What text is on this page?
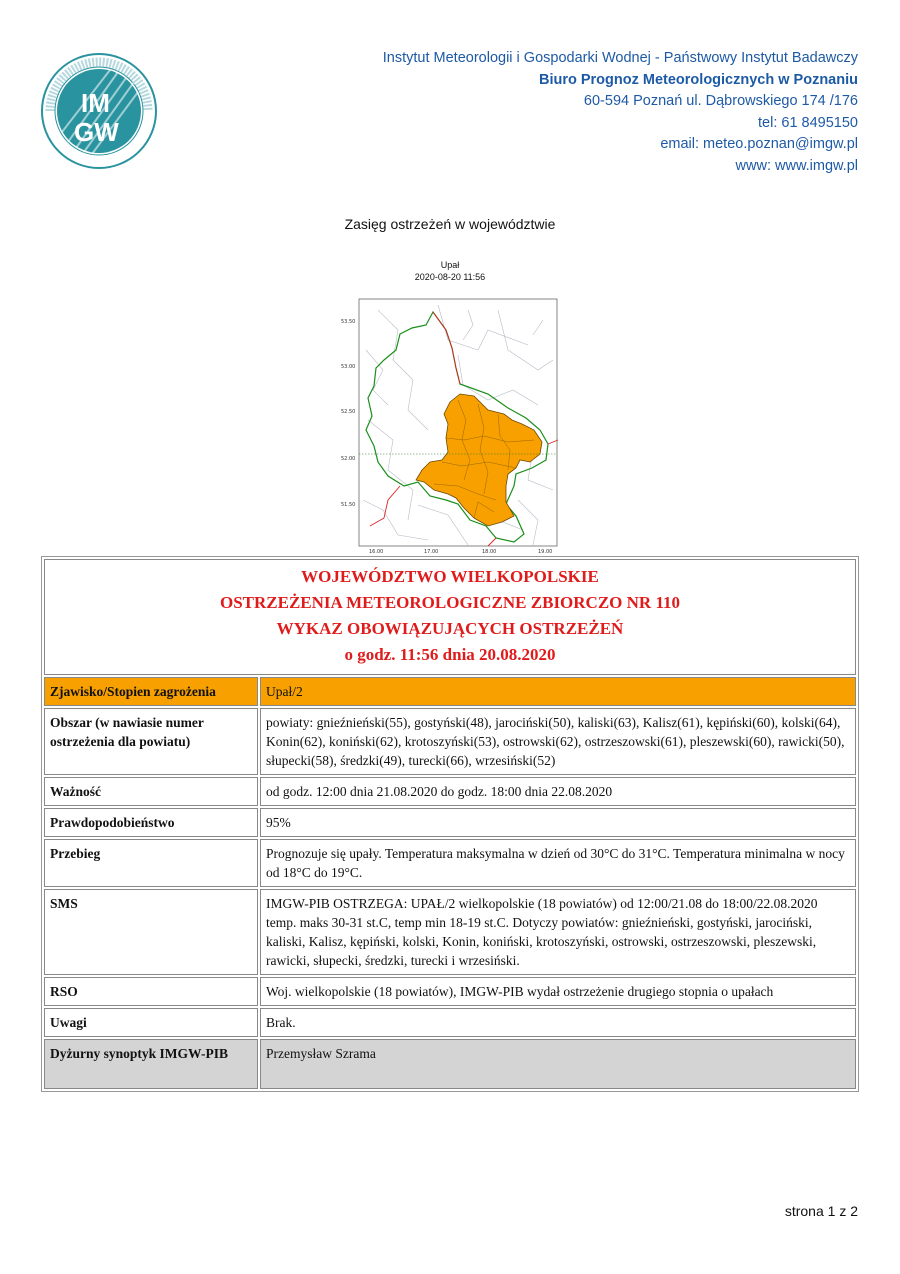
IM
GW
Instytut Meteorologii i Gospodarki Wodnej - Państwowy Instytut Badawczy
Biuro Prognoz Meteorologicznych w Poznaniu
60-594 Poznań ul. Dąbrowskiego 174 /176
tel: 61 8495150
email: meteo.poznan@imgw.pl
www: www.imgw.pl
Zasięg ostrzeżeń w województwie
Upał
2020-08-20 11:56
53.50
53.00
52.50
52.00
51.50
16.00	17.00	18.00	19.00
WOJEWÓDZTWO WIELKOPOLSKIE
OSTRZEŻENIA METEOROLOGICZNE ZBIORCZO NR 110
WYKAZ OBOWIĄZUJĄCYCH OSTRZEŻEŃ
o godz. 11:56 dnia 20.08.2020	

Zjawisko/Stopien zagrożenia	Upał/2
Obszar (w nawiasie numer ostrzeżenia dla powiatu)	powiaty: gnieźnieński(55), gostyński(48), jarociński(50), kaliski(63), Kalisz(61), kępiński(60), kolski(64), Konin(62), koniński(62), krotoszyński(53), ostrowski(62), ostrzeszowski(61), pleszewski(60), rawicki(50), słupecki(58), średzki(49), turecki(66), wrzesiński(52)
Ważność	od godz. 12:00 dnia 21.08.2020 do godz. 18:00 dnia 22.08.2020
Prawdopodobieństwo	95%
Przebieg	Prognozuje się upały. Temperatura maksymalna w dzień od 30°C do 31°C. Temperatura minimalna w nocy od 18°C do 19°C.
SMS	IMGW-PIB OSTRZEGA: UPAŁ/2 wielkopolskie (18 powiatów) od 12:00/21.08 do 18:00/22.08.2020 temp. maks 30-31 st.C, temp min 18-19 st.C. Dotyczy powiatów: gnieźnieński, gostyński, jarociński, kaliski, Kalisz, kępiński, kolski, Konin, koniński, krotoszyński, ostrowski, ostrzeszowski, pleszewski, rawicki, słupecki, średzki, turecki i wrzesiński.
RSO	Woj. wielkopolskie (18 powiatów), IMGW-PIB wydał ostrzeżenie drugiego stopnia o upałach
Uwagi	Brak.
Dyżurny synoptyk IMGW-PIB	Przemysław Szrama
strona 1 z 2
